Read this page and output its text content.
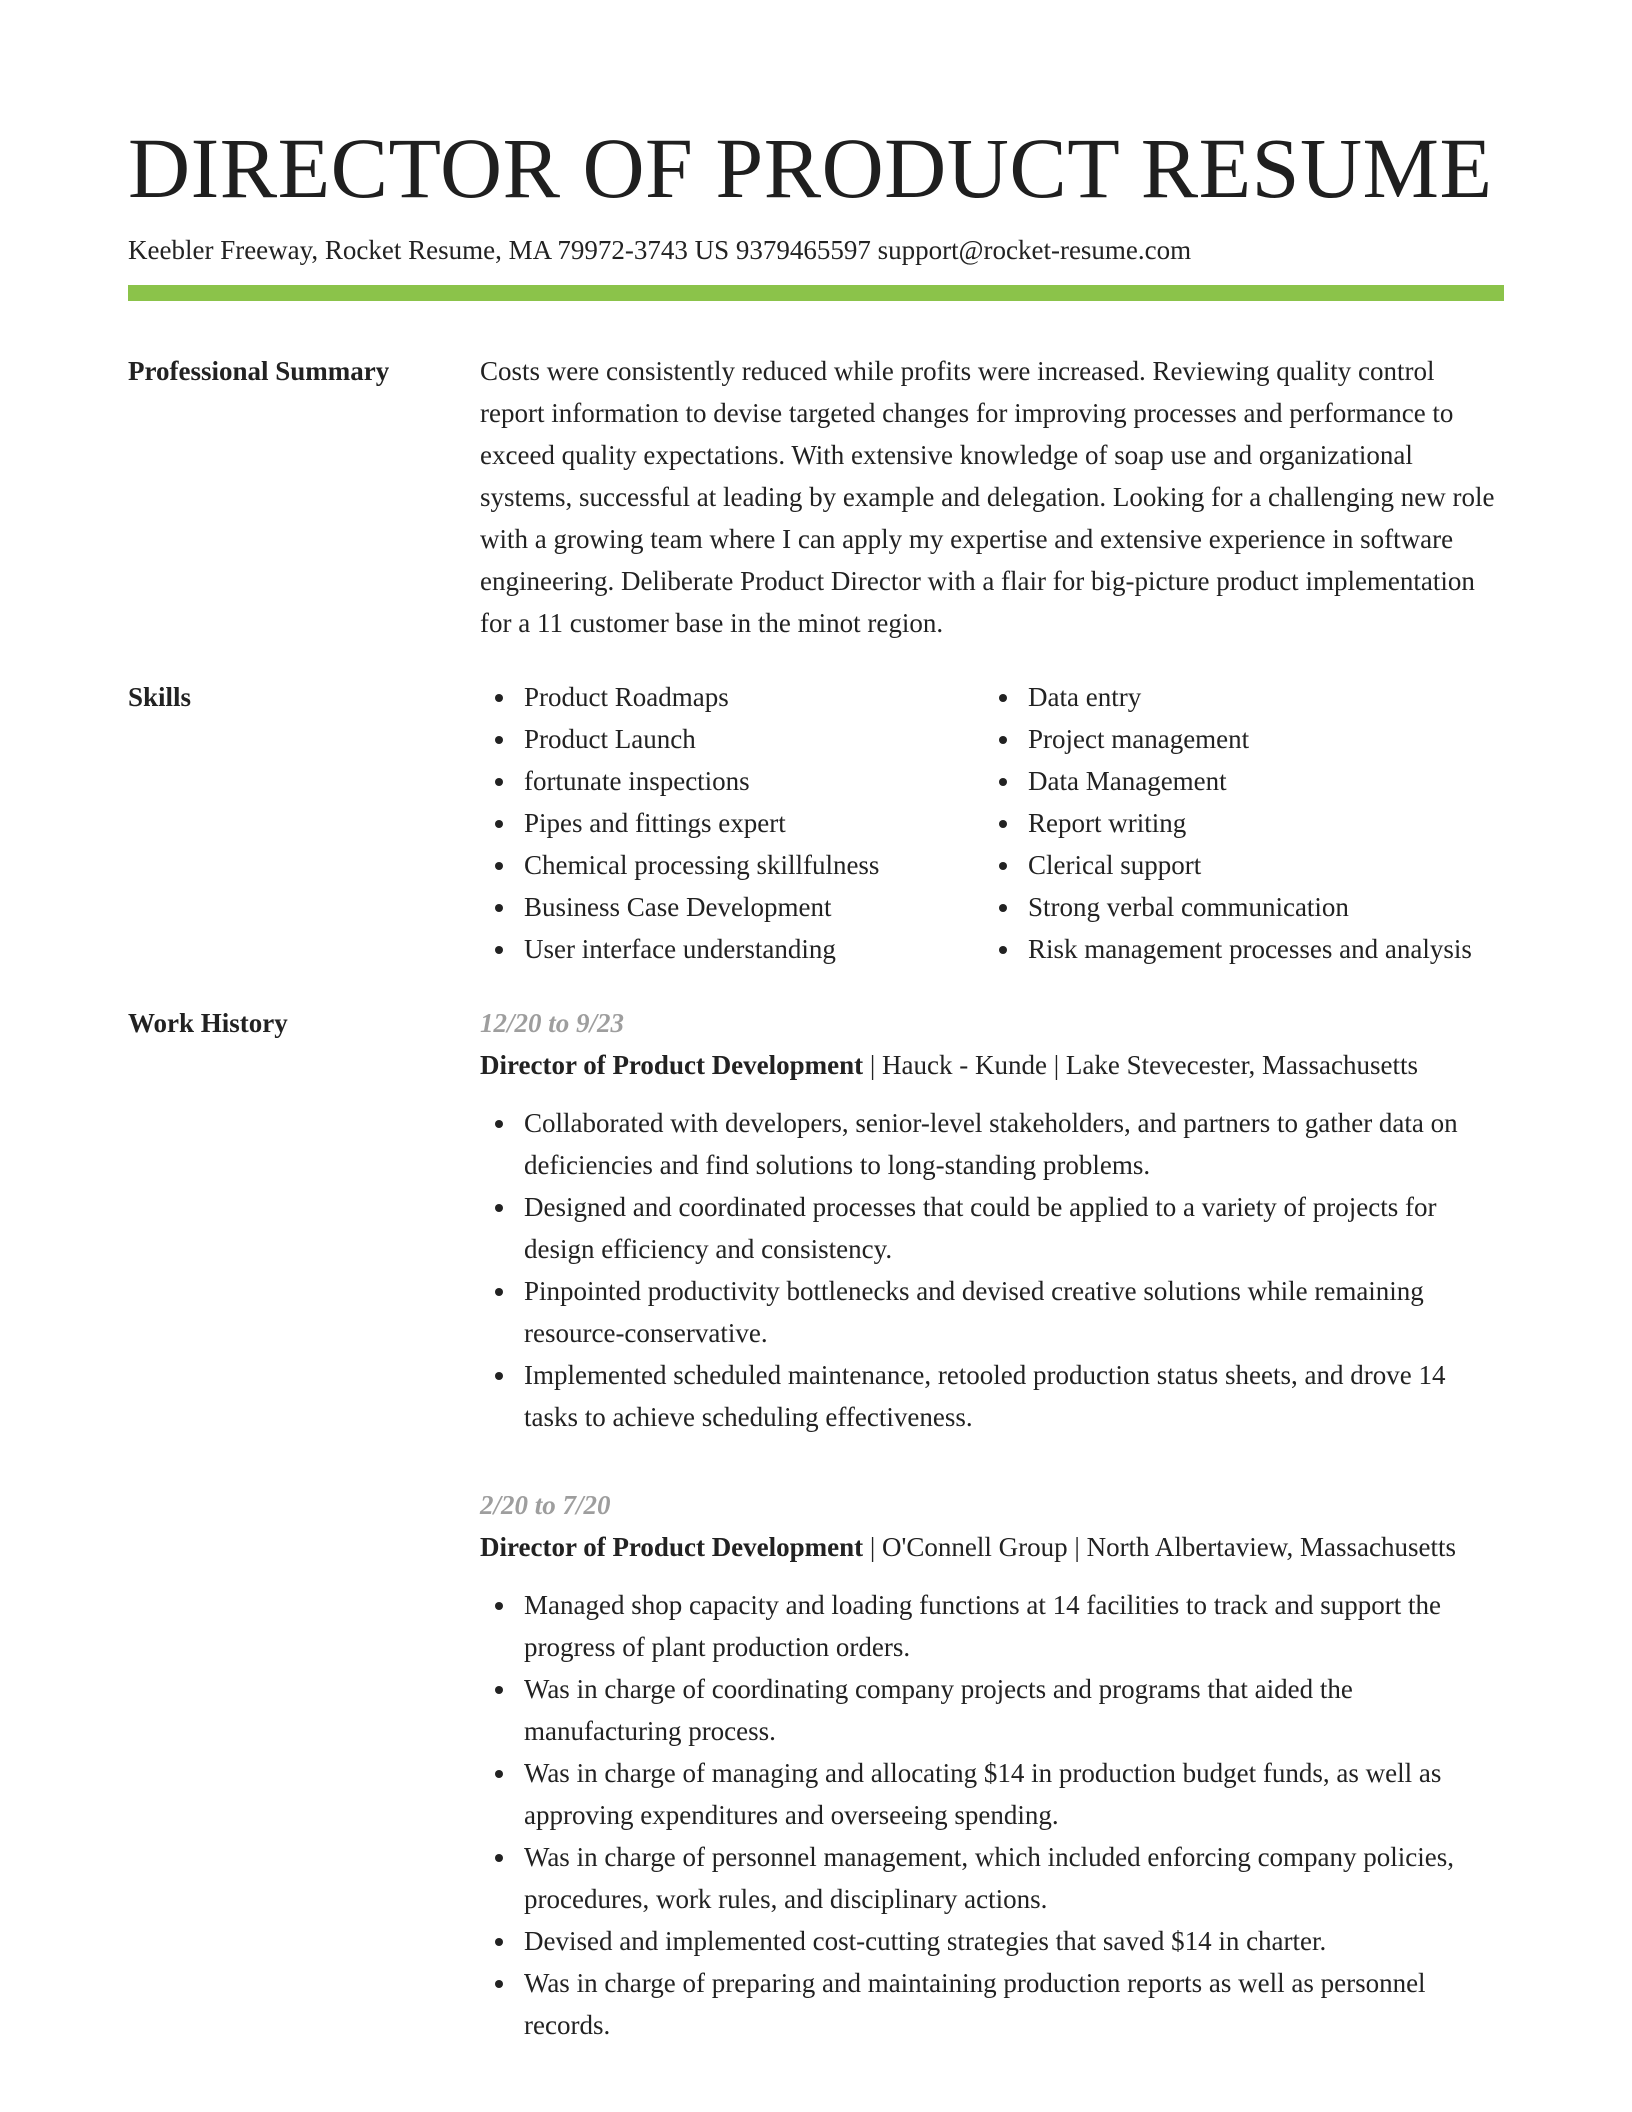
DIRECTOR OF PRODUCT RESUME
Keebler Freeway, Rocket Resume, MA 79972-3743 US 9379465597 support@rocket-resume.com
Professional Summary	Costs were consistently reduced while profits were increased. Reviewing quality control report information to devise targeted changes for improving processes and performance to exceed quality expectations. With extensive knowledge of soap use and organizational systems, successful at leading by example and delegation. Looking for a challenging new role with a growing team where I can apply my expertise and extensive experience in software engineering. Deliberate Product Director with a flair for big-picture product implementation for a 11 customer base in the minot region.
Skills	Product Roadmaps
Product Launch
fortunate inspections
Pipes and fittings expert
Chemical processing skillfulness
Business Case Development
User interface understanding
Data entry
Project management
Data Management
Report writing
Clerical support
Strong verbal communication
Risk management processes and analysis
Work History	12/20 to 9/23
Director of Product Development | Hauck - Kunde | Lake Stevecester, Massachusetts
Collaborated with developers, senior-level stakeholders, and partners to gather data on deficiencies and find solutions to long-standing problems.
Designed and coordinated processes that could be applied to a variety of projects for design efficiency and consistency.
Pinpointed productivity bottlenecks and devised creative solutions while remaining resource-conservative.
Implemented scheduled maintenance, retooled production status sheets, and drove 14 tasks to achieve scheduling effectiveness.
2/20 to 7/20
Director of Product Development | O'Connell Group | North Albertaview, Massachusetts
Managed shop capacity and loading functions at 14 facilities to track and support the progress of plant production orders.
Was in charge of coordinating company projects and programs that aided the manufacturing process.
Was in charge of managing and allocating $14 in production budget funds, as well as approving expenditures and overseeing spending.
Was in charge of personnel management, which included enforcing company policies, procedures, work rules, and disciplinary actions.
Devised and implemented cost-cutting strategies that saved $14 in charter.
Was in charge of preparing and maintaining production reports as well as personnel records.
